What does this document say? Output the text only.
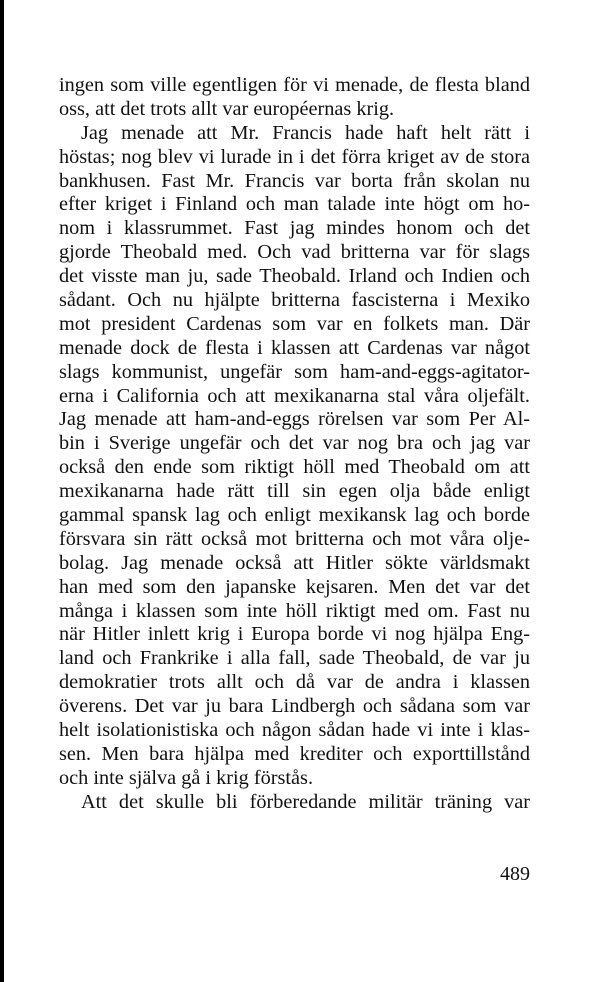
ingen som ville egentligen för vi menade, de flesta bland
oss, att det trots allt var européernas krig.
Jag menade att Mr. Francis hade haft helt rätt i
höstas; nog blev vi lurade in i det förra kriget av de stora
bankhusen. Fast Mr. Francis var borta från skolan nu
efter kriget i Finland och man talade inte högt om ho-
nom i klassrummet. Fast jag mindes honom och det
gjorde Theobald med. Och vad britterna var för slags
det visste man ju, sade Theobald. Irland och Indien och
sådant. Och nu hjälpte britterna fascisterna i Mexiko
mot president Cardenas som var en folkets man. Där
menade dock de flesta i klassen att Cardenas var något
slags kommunist, ungefär som ham-and-eggs-agitator-
erna i California och att mexikanarna stal våra oljefält.
Jag menade att ham-and-eggs rörelsen var som Per Al-
bin i Sverige ungefär och det var nog bra och jag var
också den ende som riktigt höll med Theobald om att
mexikanarna hade rätt till sin egen olja både enligt
gammal spansk lag och enligt mexikansk lag och borde
försvara sin rätt också mot britterna och mot våra olje-
bolag. Jag menade också att Hitler sökte världsmakt
han med som den japanske kejsaren. Men det var det
många i klassen som inte höll riktigt med om. Fast nu
när Hitler inlett krig i Europa borde vi nog hjälpa Eng-
land och Frankrike i alla fall, sade Theobald, de var ju
demokratier trots allt och då var de andra i klassen
överens. Det var ju bara Lindbergh och sådana som var
helt isolationistiska och någon sådan hade vi inte i klas-
sen. Men bara hjälpa med krediter och exporttillstånd
och inte själva gå i krig förstås.
Att det skulle bli förberedande militär träning var
489
